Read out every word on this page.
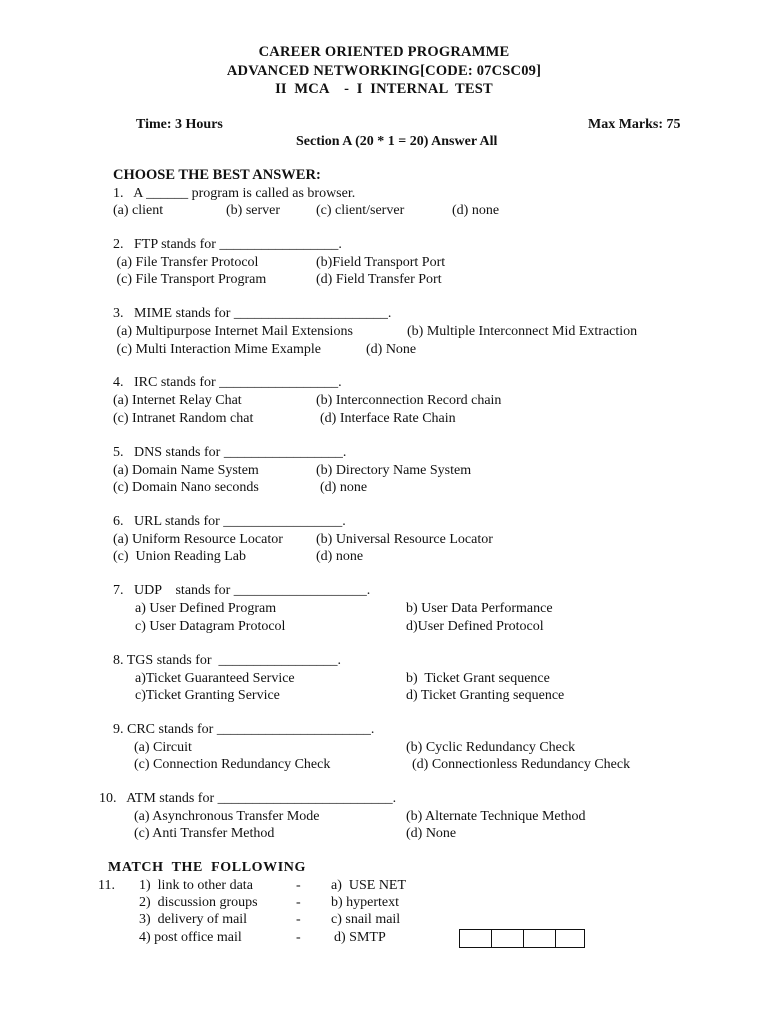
CAREER ORIENTED PROGRAMME
ADVANCED NETWORKING[CODE: 07CSC09]
II  MCA    -  I  INTERNAL  TEST
Time: 3 Hours	Max Marks: 75
Section A (20 * 1 = 20) Answer All
CHOOSE THE BEST ANSWER:
1.   A ______ program is called as browser.
(a) client	(b) server	(c) client/server	(d) none
2.   FTP stands for _________________.
(a) File Transfer Protocol	(b)Field Transport Port
(c) File Transport Program	(d) Field Transfer Port
3.   MIME stands for ______________________.
(a) Multipurpose Internet Mail Extensions	(b) Multiple Interconnect Mid Extraction
(c) Multi Interaction Mime Example	(d) None
4.   IRC stands for _________________.
(a) Internet Relay Chat	(b) Interconnection Record chain
(c) Intranet Random chat	(d) Interface Rate Chain
5.   DNS stands for _________________.
(a) Domain Name System	(b) Directory Name System
(c) Domain Nano seconds	(d) none
6.   URL stands for _________________.
(a) Uniform Resource Locator (b) Universal Resource Locator
(c)  Union Reading Lab	(d) none
7.   UDP    stands for ___________________.
a) User Defined Program	b) User Data Performance
c) User Datagram Protocol	d)User Defined Protocol
8. TGS stands for  _________________.
a)Ticket Guaranteed Service	b)  Ticket Grant sequence
c)Ticket Granting Service	d) Ticket Granting sequence
9. CRC stands for ______________________.
(a) Circuit	(b) Cyclic Redundancy Check
(c) Connection Redundancy Check	(d) Connectionless Redundancy Check
10.   ATM stands for _________________________.
(a) Asynchronous Transfer Mode	(b) Alternate Technique Method
(c) Anti Transfer Method	(d) None
MATCH  THE  FOLLOWING
11. 1)  link to other data	- a)  USE NET
2)  discussion groups	- b) hypertext
3)  delivery of mail	- c) snail mail
4) post office mail	- d) SMTP
